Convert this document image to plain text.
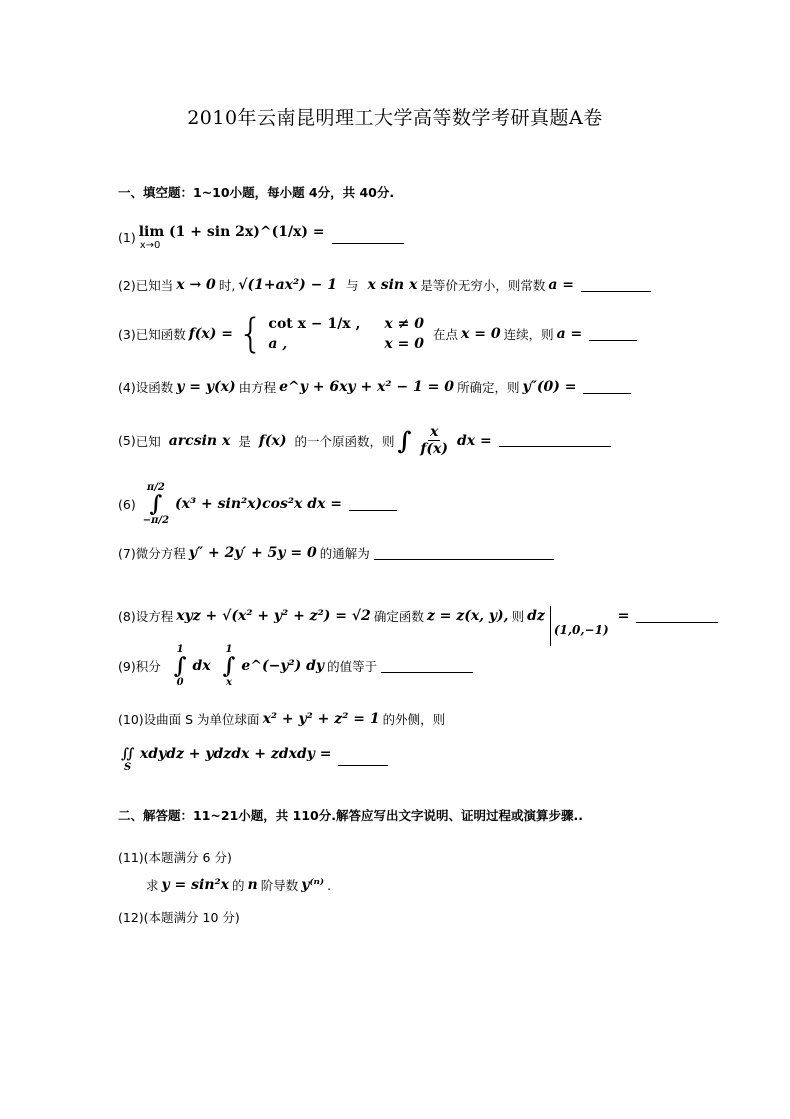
2010年云南昆明理工大学高等数学考研真题A卷
一、填空题：1~10小题，每小题 4分，共 40分.
(1) lim (1 + sin 2x)^(1/x) =
x→0
(2) 已知当 x → 0 时, √(1+ax²) − 1 与 x sin x 是等价无穷小，则常数 a =
(3) 已知函数 f(x) = { cot x − 1/x , x ≠ 0
a ,	x = 0
在点 x = 0 连续，则 a =
(4) 设函数 y = y(x) 由方程 e^y + 6xy + x² − 1 = 0 所确定，则 y″(0) =
(5) 已知 arcsin x 是 f(x) 的一个原函数，则 ∫ $\frac{x}{f(x)}$ dx =
(6)
π/2
∫
−π/2
(x³ + sin²x)cos²x dx =
(7) 微分方程 y″ + 2y′ + 5y = 0 的通解为
(8) 设方程 xyz + √(x² + y² + z²) = √2 确定函数 z = z(x, y), 则 dz
(1,0,−1)
=
(9) 积分
1
∫
0
dx
1
∫
x
e^(−y²) dy 的值等于
(10) 设曲面 S 为单位球面 x² + y² + z² = 1 的外侧，则
∬ xdydz + ydzdx + zdxdy =
S
二、解答题：11~21小题，共 110分.解答应写出文字说明、证明过程或演算步骤..
(11) (本题满分 6 分)
求 y = sin²x 的 n 阶导数 y⁽ⁿ⁾ .
(12) (本题满分 10 分)
